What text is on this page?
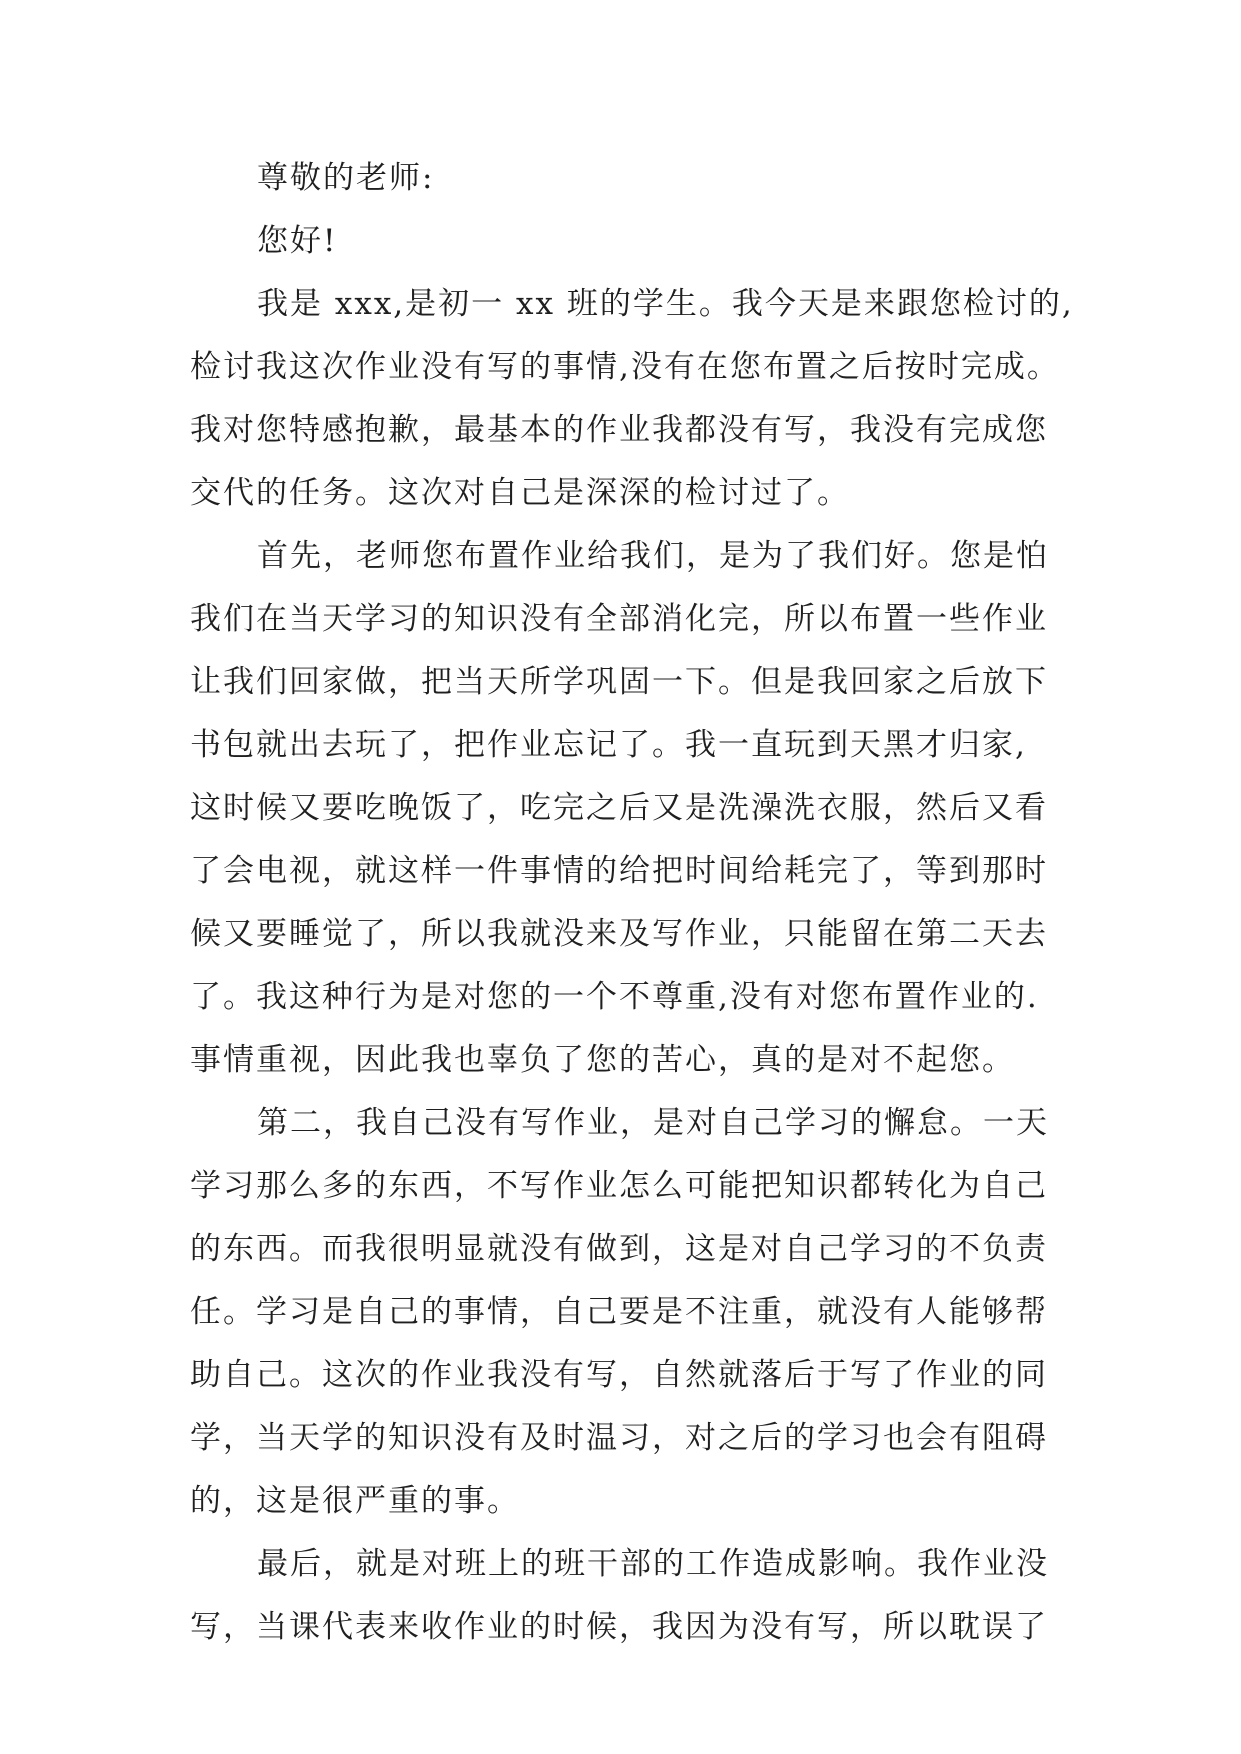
尊敬的老师:

您好!

我是 xxx,是初一 xx 班的学生。我今天是来跟您检讨的,

检讨我这次作业没有写的事情,没有在您布置之后按时完成。

我对您特感抱歉，最基本的作业我都没有写，我没有完成您

交代的任务。这次对自己是深深的检讨过了。

首先，老师您布置作业给我们，是为了我们好。您是怕

我们在当天学习的知识没有全部消化完，所以布置一些作业

让我们回家做，把当天所学巩固一下。但是我回家之后放下

书包就出去玩了，把作业忘记了。我一直玩到天黑才归家,

这时候又要吃晚饭了，吃完之后又是洗澡洗衣服，然后又看

了会电视，就这样一件事情的给把时间给耗完了，等到那时

候又要睡觉了，所以我就没来及写作业，只能留在第二天去

了。我这种行为是对您的一个不尊重,没有对您布置作业的.

事情重视，因此我也辜负了您的苦心，真的是对不起您。

第二，我自己没有写作业，是对自己学习的懈怠。一天

学习那么多的东西，不写作业怎么可能把知识都转化为自己

的东西。而我很明显就没有做到，这是对自己学习的不负责

任。学习是自己的事情，自己要是不注重，就没有人能够帮

助自己。这次的作业我没有写，自然就落后于写了作业的同

学，当天学的知识没有及时温习，对之后的学习也会有阻碍

的，这是很严重的事。

最后，就是对班上的班干部的工作造成影响。我作业没

写，当课代表来收作业的时候，我因为没有写，所以耽误了
